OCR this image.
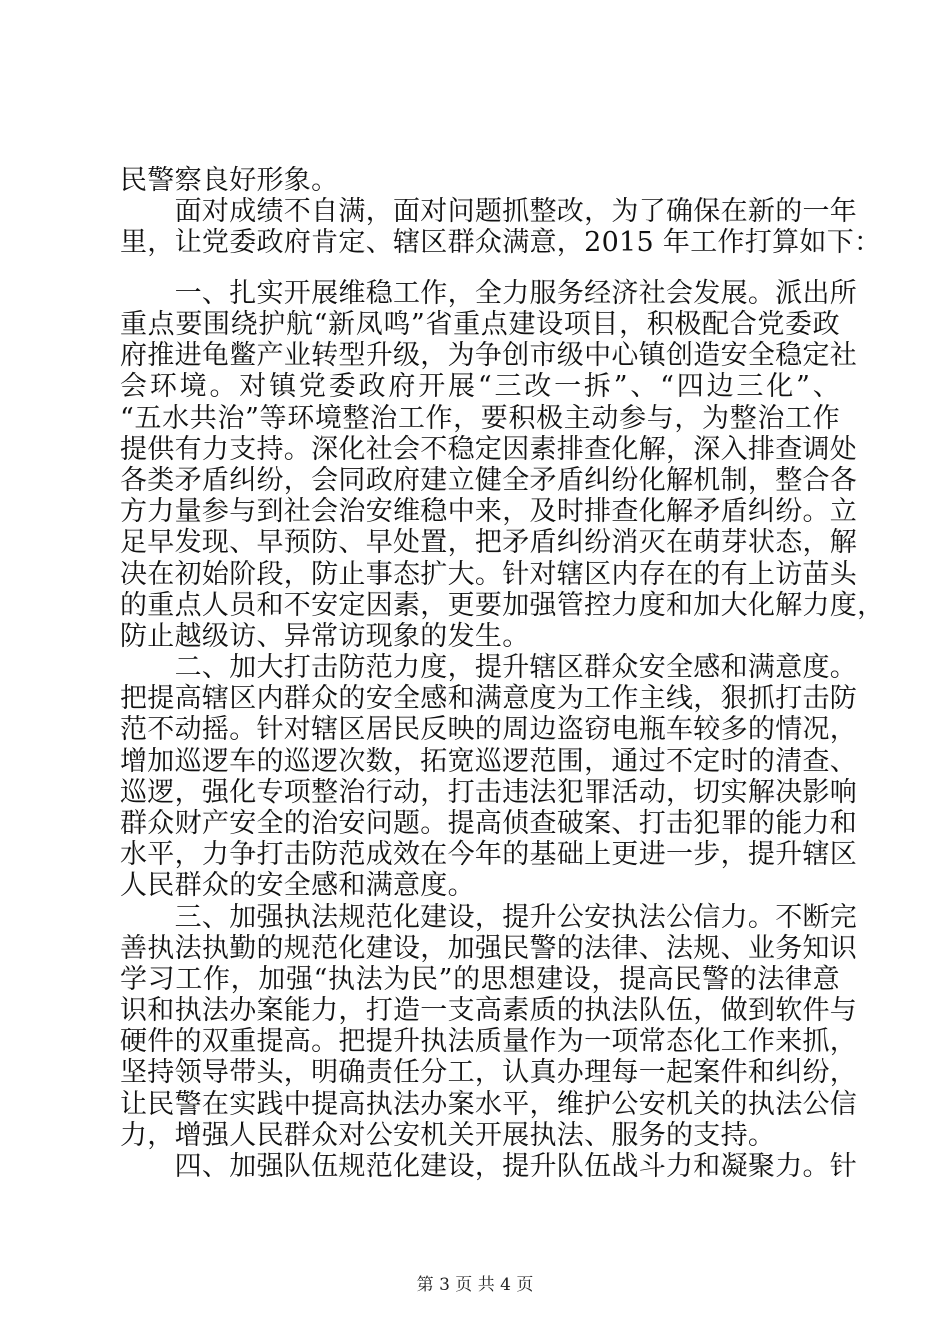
民警察良好形象。
　　面对成绩不自满，面对问题抓整改，为了确保在新的一年
里，让党委政府肯定、辖区群众满意，2015 年工作打算如下：
　　一、扎实开展维稳工作，全力服务经济社会发展。派出所
重点要围绕护航“新凤鸣”省重点建设项目，积极配合党委政
府推进龟鳖产业转型升级，为争创市级中心镇创造安全稳定社
会环境。对镇党委政府开展“三改一拆”、“四边三化”、
“五水共治”等环境整治工作，要积极主动参与，为整治工作
提供有力支持。深化社会不稳定因素排查化解，深入排查调处
各类矛盾纠纷，会同政府建立健全矛盾纠纷化解机制，整合各
方力量参与到社会治安维稳中来，及时排查化解矛盾纠纷。立
足早发现、早预防、早处置，把矛盾纠纷消灭在萌芽状态，解
决在初始阶段，防止事态扩大。针对辖区内存在的有上访苗头
的重点人员和不安定因素，更要加强管控力度和加大化解力度，
防止越级访、异常访现象的发生。
　　二、加大打击防范力度，提升辖区群众安全感和满意度。
把提高辖区内群众的安全感和满意度为工作主线，狠抓打击防
范不动摇。针对辖区居民反映的周边盗窃电瓶车较多的情况，
增加巡逻车的巡逻次数，拓宽巡逻范围，通过不定时的清查、
巡逻，强化专项整治行动，打击违法犯罪活动，切实解决影响
群众财产安全的治安问题。提高侦查破案、打击犯罪的能力和
水平，力争打击防范成效在今年的基础上更进一步，提升辖区
人民群众的安全感和满意度。
　　三、加强执法规范化建设，提升公安执法公信力。不断完
善执法执勤的规范化建设，加强民警的法律、法规、业务知识
学习工作，加强“执法为民”的思想建设，提高民警的法律意
识和执法办案能力，打造一支高素质的执法队伍，做到软件与
硬件的双重提高。把提升执法质量作为一项常态化工作来抓，
坚持领导带头，明确责任分工，认真办理每一起案件和纠纷，
让民警在实践中提高执法办案水平，维护公安机关的执法公信
力，增强人民群众对公安机关开展执法、服务的支持。
　　四、加强队伍规范化建设，提升队伍战斗力和凝聚力。针
第 3 页 共 4 页
